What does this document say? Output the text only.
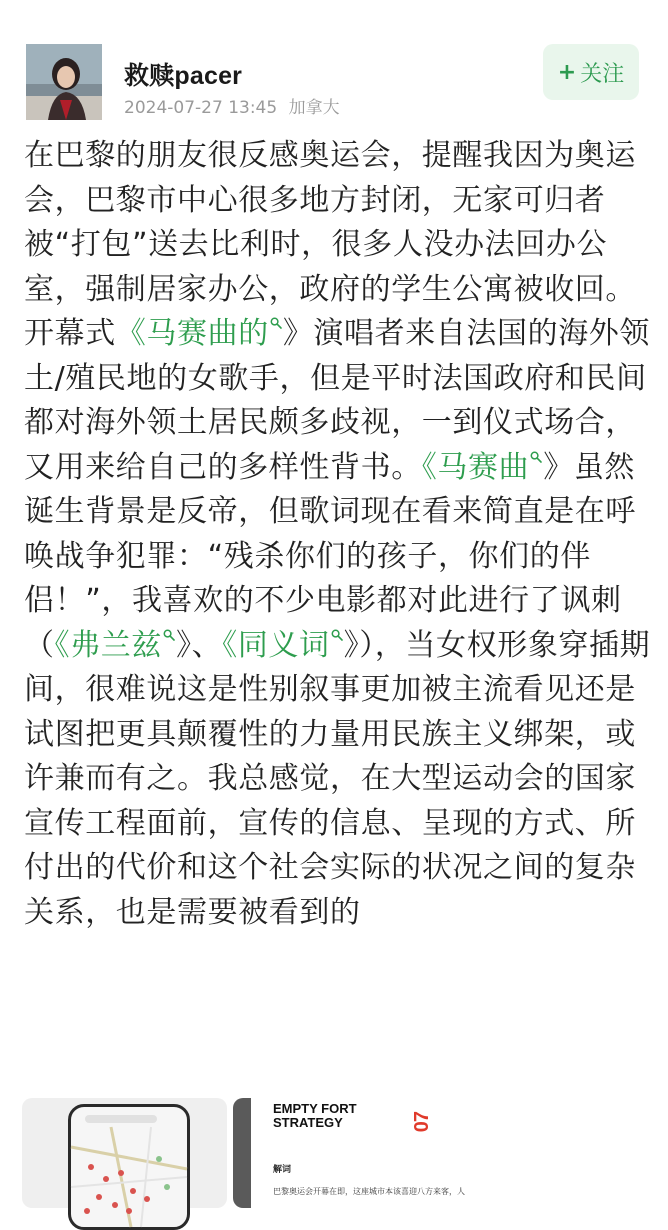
救赎pacer
2024-07-27 13:45 加拿大
+ 关注
在巴黎的朋友很反感奥运会，提醒我因为奥运会，巴黎市中心很多地方封闭，无家可归者被“打包”送去比利时，很多人没办法回办公室，强制居家办公，政府的学生公寓被收回。开幕式《马赛曲的 》演唱者来自法国的海外领土/殖民地的女歌手，但是平时法国政府和民间都对海外领土居民颇多歧视，一到仪式场合，又用来给自己的多样性背书。《马赛曲 》虽然诞生背景是反帝，但歌词现在看来简直是在呼唤战争犯罪：“残杀你们的孩子，你们的伴侣！”，我喜欢的不少电影都对此进行了讽刺（《弗兰兹 》、《同义词 》），当女权形象穿插期间，很难说这是性别叙事更加被主流看见还是试图把更具颠覆性的力量用民族主义绑架，或许兼而有之。我总感觉，在大型运动会的国家宣传工程面前，宣传的信息、呈现的方式、所付出的代价和这个社会实际的状况之间的复杂关系，也是需要被看到的
EMPTY FORT STRATEGY
解词
巴黎奥运会开幕在即，这座城市本该喜迎八方来客，人
07
